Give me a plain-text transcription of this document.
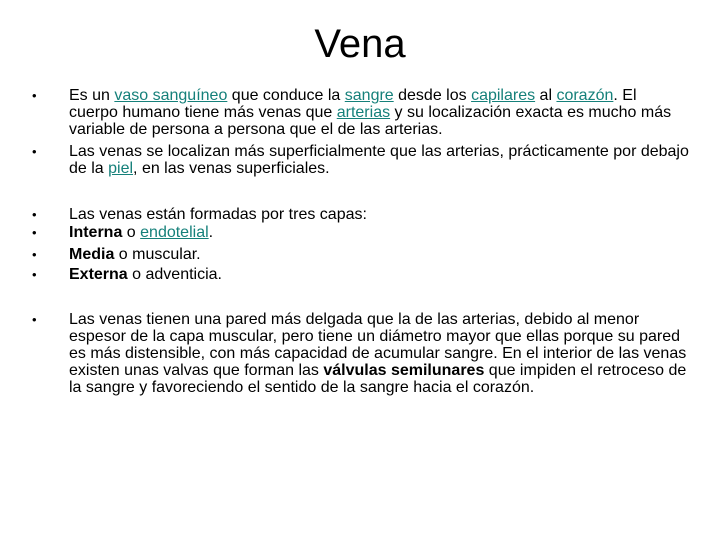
Vena
•	Es un vaso sanguíneo que conduce la sangre desde los capilares al corazón. El cuerpo humano tiene más venas que arterias y su localización exacta es mucho más variable de persona a persona que el de las arterias.
•	Las venas se localizan más superficialmente que las arterias, prácticamente por debajo de la piel, en las venas superficiales.
•	Las venas están formadas por tres capas:
•	Interna o endotelial.
•	Media o muscular.
•	Externa o adventicia.
•	Las venas tienen una pared más delgada que la de las arterias, debido al menor espesor de la capa muscular, pero tiene un diámetro mayor que ellas porque su pared es más distensible, con más capacidad de acumular sangre. En el interior de las venas existen unas valvas que forman las válvulas semilunares que impiden el retroceso de la sangre y favoreciendo el sentido de la sangre hacia el corazón.
